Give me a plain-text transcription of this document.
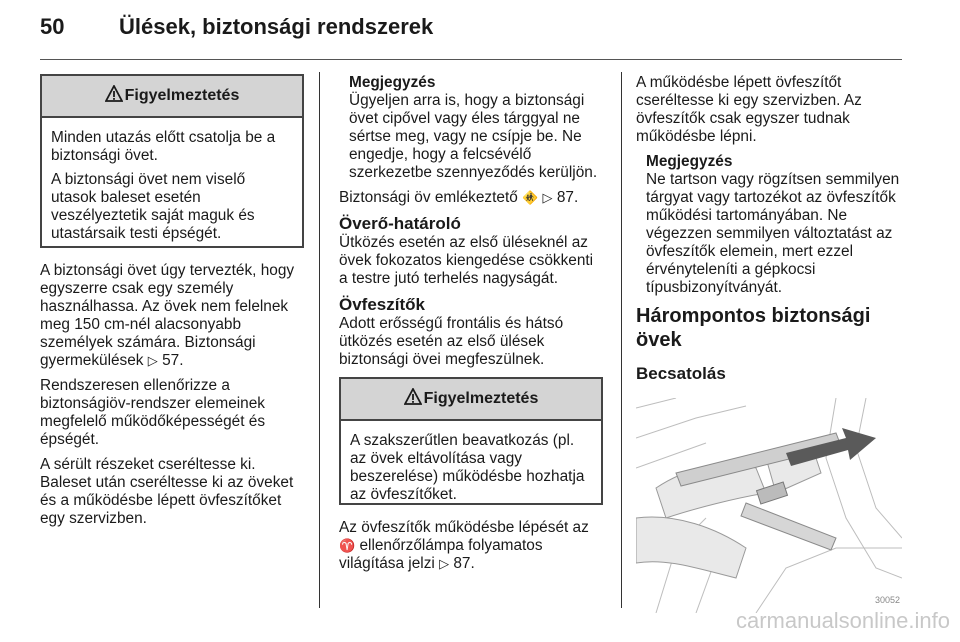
50 Ülések, biztonsági rendszerek
Figyelmeztetés

Minden utazás előtt csatolja be a biztonsági övet.

A biztonsági övet nem viselő utasok baleset esetén veszélyeztetik saját maguk és utastársaik testi épségét.

A biztonsági övet úgy tervezték, hogy egyszerre csak egy személy használhassa. Az övek nem felelnek meg 150 cm-nél alacsonyabb személyek számára. Biztonsági gyermekülések ▷ 57.

Rendszeresen ellenőrizze a biztonságiöv-rendszer elemeinek megfelelő működőképességét és épségét.

A sérült részeket cseréltesse ki. Baleset után cseréltesse ki az öveket és a működésbe lépett övfeszítőket egy szervizben.

Megjegyzés

Ügyeljen arra is, hogy a biztonsági övet cipővel vagy éles tárggyal ne sértse meg, vagy ne csípje be. Ne engedje, hogy a felcsévélő szerkezetbe szennyeződés kerüljön.

Biztonsági öv emlékeztető 🚸 ▷ 87.

Överő-határoló

Ütközés esetén az első üléseknél az övek fokozatos kiengedése csökkenti a testre jutó terhelés nagyságát.

Övfeszítők

Adott erősségű frontális és hátsó ütközés esetén az első ülések biztonsági övei megfeszülnek.

Figyelmeztetés

A szakszerűtlen beavatkozás (pl. az övek eltávolítása vagy beszerelése) működésbe hozhatja az övfeszítőket.

Az övfeszítők működésbe lépését az ♈ ellenőrzőlámpa folyamatos világítása jelzi ▷ 87.

A működésbe lépett övfeszítőt cseréltesse ki egy szervizben. Az övfeszítők csak egyszer tudnak működésbe lépni.

Megjegyzés

Ne tartson vagy rögzítsen semmilyen tárgyat vagy tartozékot az övfeszítők működési tartományában. Ne végezzen semmilyen változtatást az övfeszítők elemein, mert ezzel érvényteleníti a gépkocsi típusbizonyítványát.

Hárompontos biztonsági övek
Becsatolás
30052
carmanualsonline.info
